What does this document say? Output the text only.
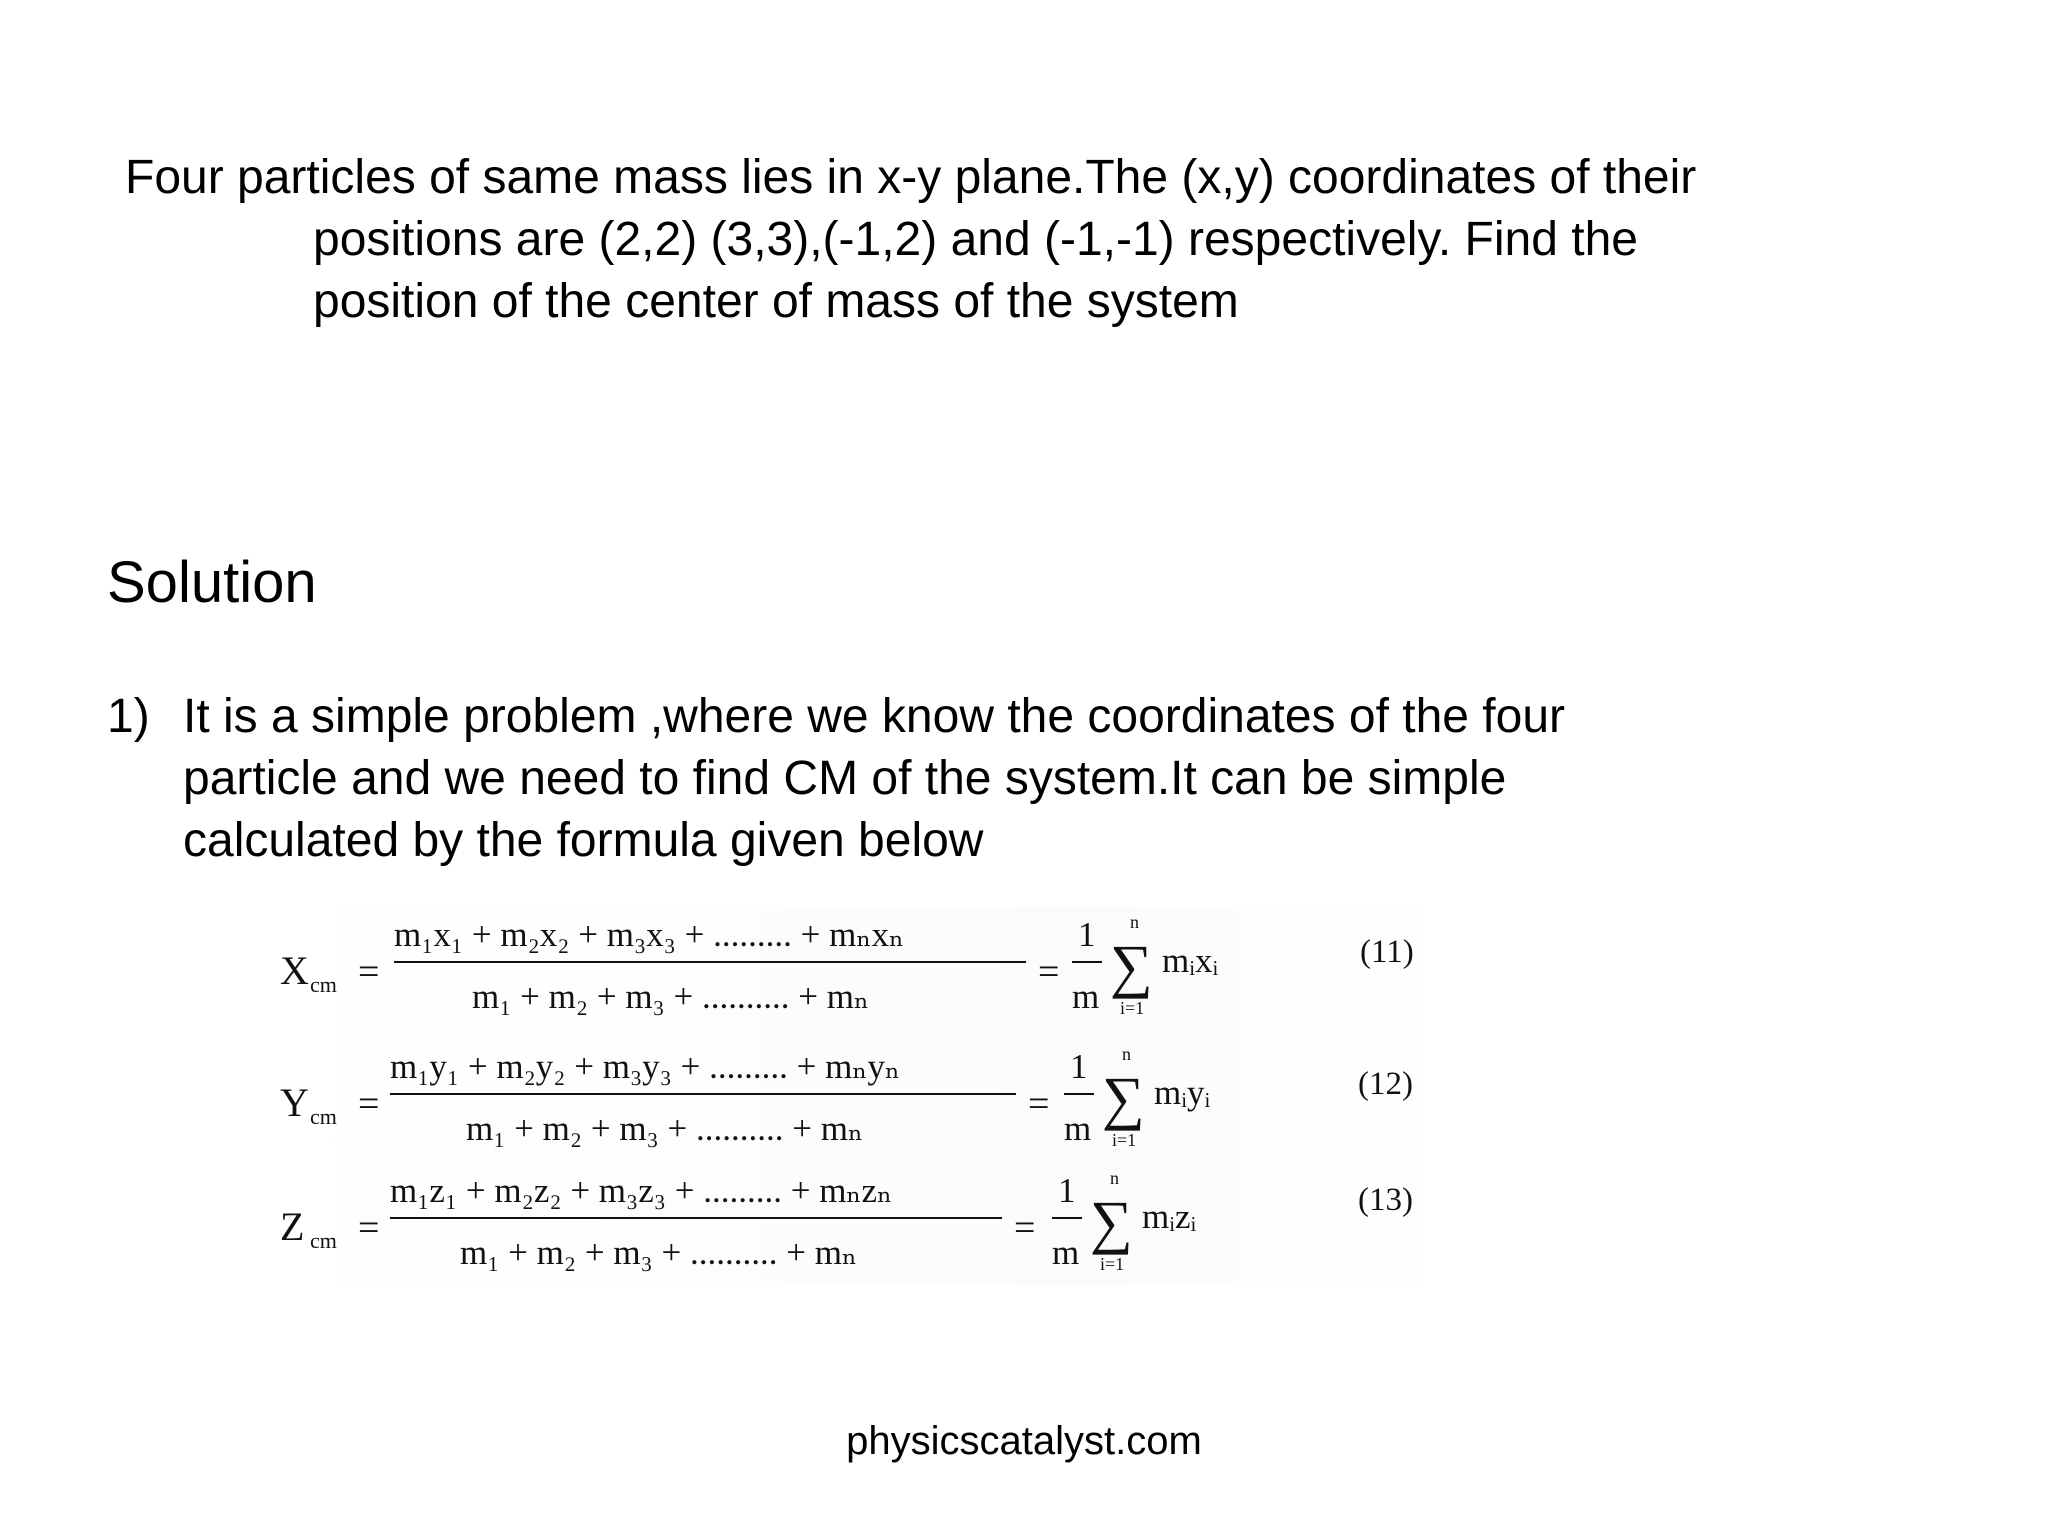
Four particles of same mass lies in x-y plane.The (x,y) coordinates of their
positions are (2,2) (3,3),(-1,2) and (-1,-1) respectively. Find the
position of the center of mass of the system
Solution
1) It is a simple problem ,where we know the coordinates of the four
particle and we need to find CM of the system.It can be simple
calculated by the formula given below
X cm =
m₁x₁ + m₂x₂ + m₃x₃ + ......... + mₙxₙ
m₁ + m₂ + m₃ + .......... + mₙ
=
1
m
n
∑
i=1
mᵢxᵢ	(11)
Y cm =
m₁y₁ + m₂y₂ + m₃y₃ + ......... + mₙyₙ
m₁ + m₂ + m₃ + .......... + mₙ
=
1
m
n
∑
i=1
mᵢyᵢ	(12)
Z cm =
m₁z₁ + m₂z₂ + m₃z₃ + ......... + mₙzₙ
m₁ + m₂ + m₃ + .......... + mₙ
=
1
m
n
∑
i=1
mᵢzᵢ	(13)
physicscatalyst.com
